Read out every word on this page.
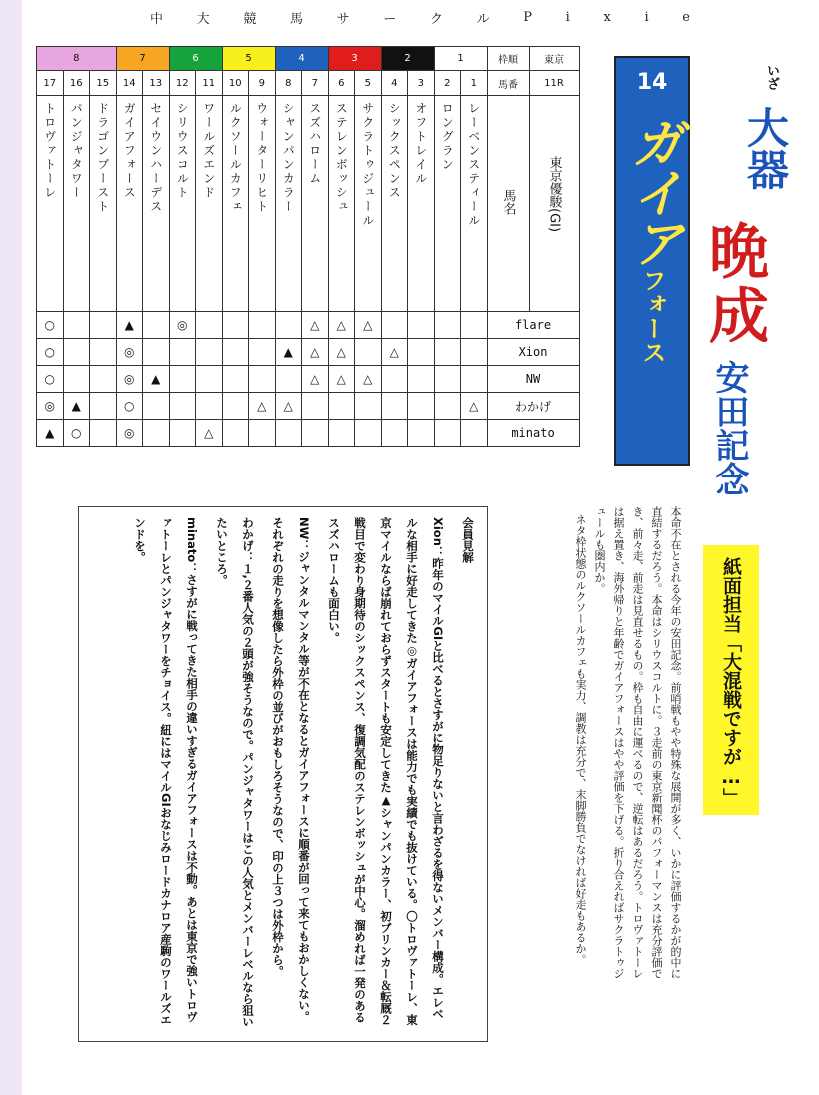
中	大	競	馬	サ	ー	ク	ル	P	i	x	i	e
8			7		6		5		4		3		2		1		枠順	東京
17	16	15	14	13	12	11	10	9	8	7	6	5	4	3	2	1	馬番	11R
トロヴァトーレ	パンジャタワー	ドラゴンブースト	ガイアフォース	セイウンハーデス	シリウスコルト	ワールズエンド	ルクソールカフェ	ウォーターリヒト	シャンパンカラー	スズハローム	ステレンボッシュ	サクラトゥジュール	シックスペンス	オフトレイル	ロングラン	レーベンスティール	馬名	東京優駿(GI)
○			▲		◎					△	△	△					flare	
○			◎						▲	△	△		△				Xion	
○			◎	▲						△	△	△					NW	
◎	▲		○					△	△							△	わかげ	
▲	○		◎			△											minato	
14
ガイア
フォース
いざ
大器
晩成
安田記念
紙面担当「大混戦ですが…」

本命不在とされる今年の安田記念。前哨戦もやや特殊な展開が多く、いかに評価するかが的中に直結するだろう。本命はシリウスコルトに。３走前の東京新聞杯のパフォーマンスは充分評価でき、前々走、前走は見直せるもの。枠も自由に運べるので、逆転はあるだろう。トロヴァトーレは据え置き、海外帰りと年齢でガイアフォースはやや評価を下げる。折り合えればサクラトゥジュールも圏内か。

ネタ枠状態のルクソールカフェも実力、調教は充分で、末脚勝負でなければ好走もあるか。

会員見解

Xion：昨年のマイルGIと比べるとさすがに物足りないと言わざるを得ないメンバー構成。エレベルな相手に好走してきた◎ガイアフォースは能力でも実績でも抜けている。〇トロヴァトーレ、東京マイルならば崩れておらずスタートも安定してきた▲シャンパンカラー、初ブリンカー＆転厩２戦目で変わり身期待のシックスペンス、復調気配のステレンボッシュが中心。溜めれば一発のあるスズハロームも面白い。

NW：ジャンタルマンタル等が不在となるとガイアフォースに順番が回って来てもおかしくない。それぞれの走りを想像したら外枠の並びがおもしろそうなので、印の上３つは外枠から。

わかげ：１,２番人気の２頭が強そうなので。パンジャタワーはこの人気とメンバーレベルなら狙いたいところ。

minato：さすがに戦ってきた相手の違いすぎるガイアフォースは不動。あとは東京で強いトロヴァトーレとパンジャタワーをチョイス。紐にはマイルGIおなじみロードカナロア産駒のワールズエンドを。
